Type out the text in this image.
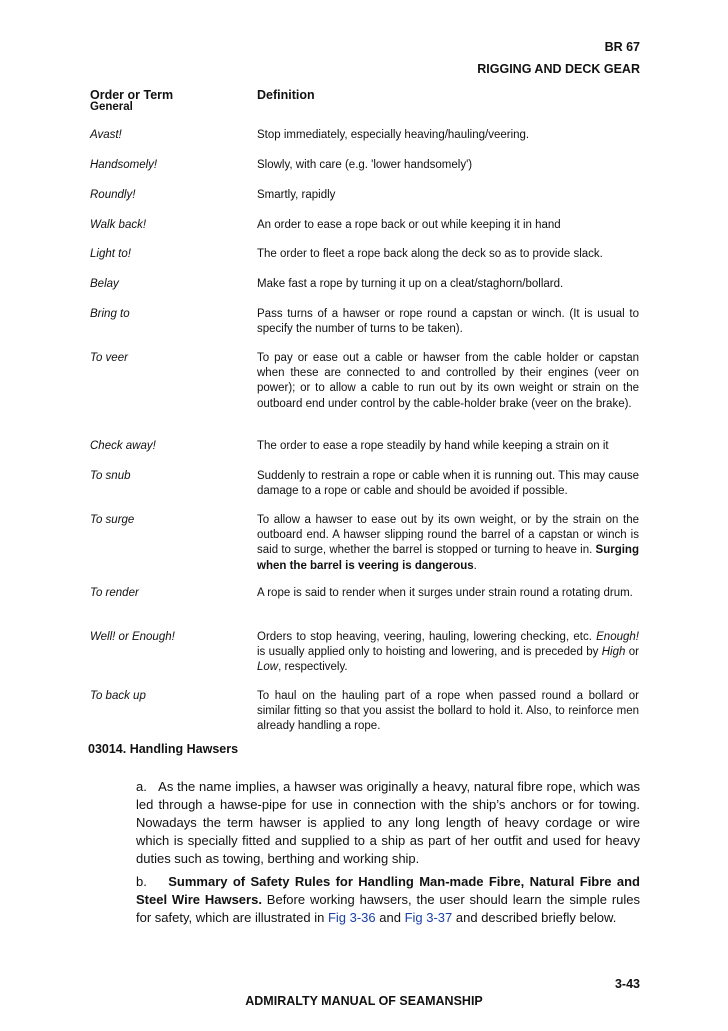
BR 67
RIGGING AND DECK GEAR
Order or Term	Definition
General
Avast!	Stop immediately, especially heaving/hauling/veering.
Handsomely!	Slowly, with care (e.g. 'lower handsomely')
Roundly!	Smartly, rapidly
Walk back!	An order to ease a rope back or out while keeping it in hand
Light to!	The order to fleet a rope back along the deck so as to provide slack.
Belay	Make fast a rope by turning it up on a cleat/staghorn/bollard.
Bring to	Pass turns of a hawser or rope round a capstan or winch. (It is usual to specify the number of turns to be taken).
To veer	To pay or ease out a cable or hawser from the cable holder or capstan when these are connected to and controlled by their engines (veer on power); or to allow a cable to run out by its own weight or strain on the outboard end under control by the cable-holder brake (veer on the brake).
Check away!	The order to ease a rope steadily by hand while keeping a strain on it
To snub	Suddenly to restrain a rope or cable when it is running out. This may cause damage to a rope or cable and should be avoided if possible.
To surge	To allow a hawser to ease out by its own weight, or by the strain on the outboard end. A hawser slipping round the barrel of a capstan or winch is said to surge, whether the barrel is stopped or turning to heave in. Surging when the barrel is veering is dangerous.
To render	A rope is said to render when it surges under strain round a rotating drum.
Well! or Enough!	Orders to stop heaving, veering, hauling, lowering checking, etc. Enough! is usually applied only to hoisting and lowering, and is preceded by High or Low, respectively.
To back up	To haul on the hauling part of a rope when passed round a bollard or similar fitting so that you assist the bollard to hold it. Also, to reinforce men already handling a rope.
03014. Handling Hawsers
a. As the name implies, a hawser was originally a heavy, natural fibre rope, which was led through a hawse-pipe for use in connection with the ship’s anchors or for towing. Nowadays the term hawser is applied to any long length of heavy cordage or wire which is specially fitted and supplied to a ship as part of her outfit and used for heavy duties such as towing, berthing and working ship.
b. Summary of Safety Rules for Handling Man-made Fibre, Natural Fibre and Steel Wire Hawsers. Before working hawsers, the user should learn the simple rules for safety, which are illustrated in Fig 3-36 and Fig 3-37 and described briefly below.
3-43
ADMIRALTY MANUAL OF SEAMANSHIP
